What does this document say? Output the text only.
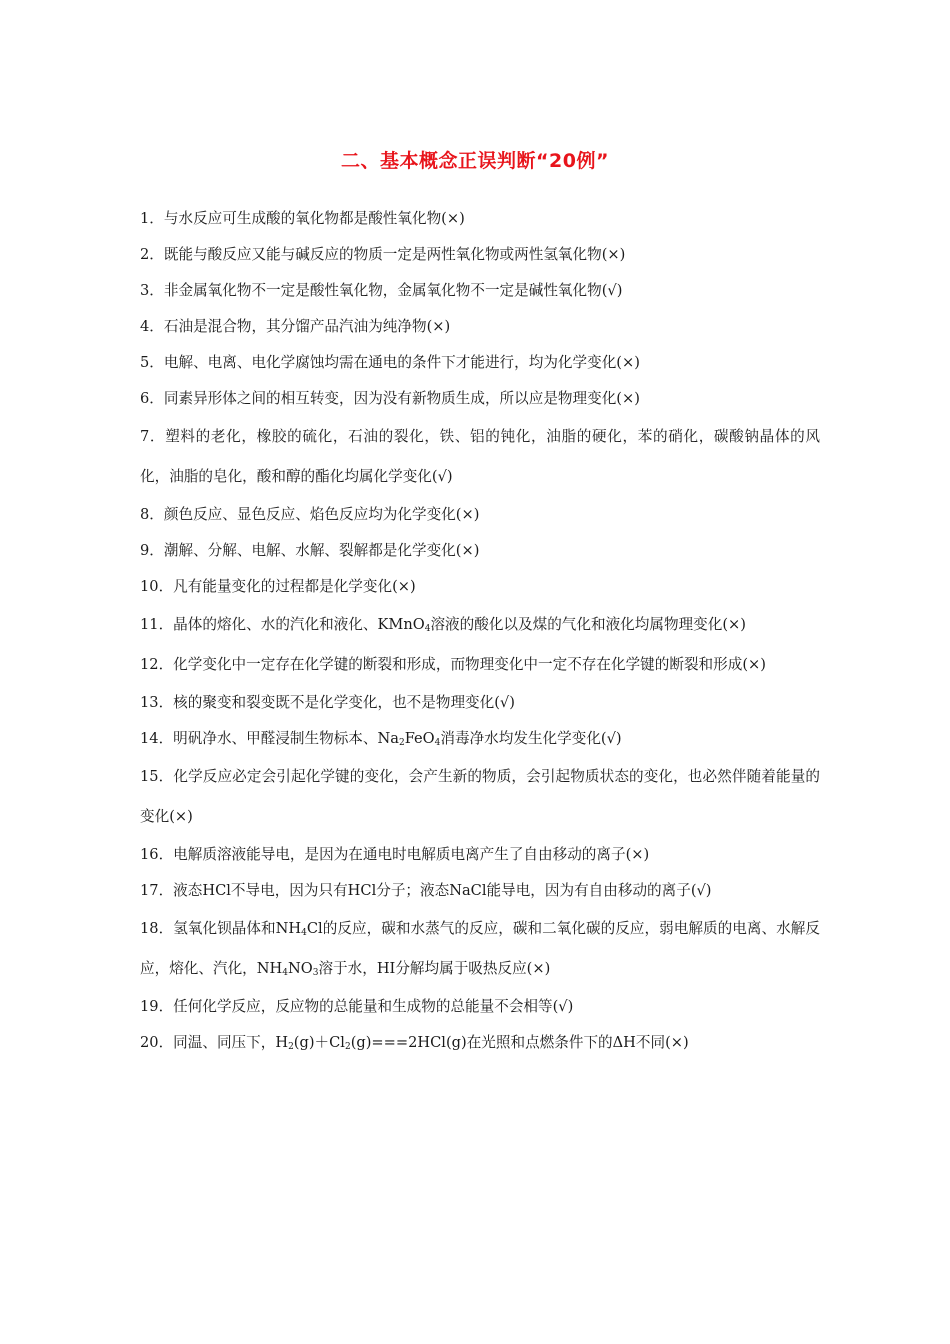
二、基本概念正误判断“20例”

1．与水反应可生成酸的氧化物都是酸性氧化物(×)

2．既能与酸反应又能与碱反应的物质一定是两性氧化物或两性氢氧化物(×)

3．非金属氧化物不一定是酸性氧化物，金属氧化物不一定是碱性氧化物(√)

4．石油是混合物，其分馏产品汽油为纯净物(×)

5．电解、电离、电化学腐蚀均需在通电的条件下才能进行，均为化学变化(×)

6．同素异形体之间的相互转变，因为没有新物质生成，所以应是物理变化(×)

7．塑料的老化，橡胶的硫化，石油的裂化，铁、铝的钝化，油脂的硬化，苯的硝化，碳酸钠晶体的风化，油脂的皂化，酸和醇的酯化均属化学变化(√)

8．颜色反应、显色反应、焰色反应均为化学变化(×)

9．潮解、分解、电解、水解、裂解都是化学变化(×)

10．凡有能量变化的过程都是化学变化(×)

11．晶体的熔化、水的汽化和液化、KMnO$_4$溶液的酸化以及煤的气化和液化均属物理变化(×)

12．化学变化中一定存在化学键的断裂和形成，而物理变化中一定不存在化学键的断裂和形成(×)

13．核的聚变和裂变既不是化学变化，也不是物理变化(√)

14．明矾净水、甲醛浸制生物标本、$Na_2FeO_4$消毒净水均发生化学变化(√)

15．化学反应必定会引起化学键的变化，会产生新的物质，会引起物质状态的变化，也必然伴随着能量的变化(×)

16．电解质溶液能导电，是因为在通电时电解质电离产生了自由移动的离子(×)

17．液态HCl不导电，因为只有HCl分子；液态NaCl能导电，因为有自由移动的离子(√)

18．氢氧化钡晶体和$NH_4Cl$的反应，碳和水蒸气的反应，碳和二氧化碳的反应，弱电解质的电离、水解反应，熔化、汽化，$NH_4NO_3$溶于水，HI分解均属于吸热反应(×)

19．任何化学反应，反应物的总能量和生成物的总能量不会相等(√)

20．同温、同压下，$H_2(g)+Cl_2(g)===2HCl(g)$在光照和点燃条件下的ΔH不同(×)
